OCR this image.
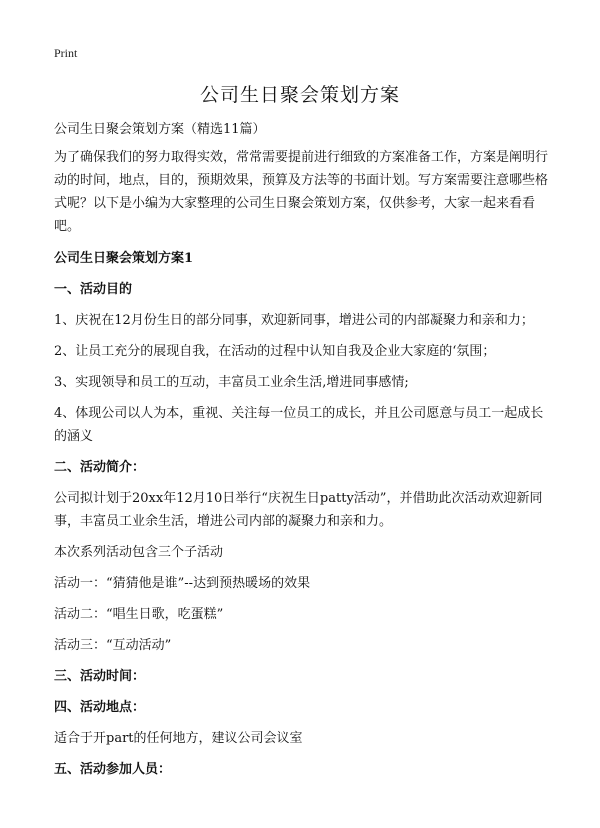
Print
公司生日聚会策划方案

公司生日聚会策划方案（精选11篇）

为了确保我们的努力取得实效，常常需要提前进行细致的方案准备工作，方案是阐明行动的时间，地点，目的，预期效果，预算及方法等的书面计划。写方案需要注意哪些格式呢？以下是小编为大家整理的公司生日聚会策划方案，仅供参考，大家一起来看看吧。

公司生日聚会策划方案1

一、活动目的

1、庆祝在12月份生日的部分同事，欢迎新同事，增进公司的内部凝聚力和亲和力；

2、让员工充分的展现自我，在活动的过程中认知自我及企业大家庭的‘氛围；

3、实现领导和员工的互动，丰富员工业余生活,增进同事感情;

4、体现公司以人为本，重视、关注每一位员工的成长，并且公司愿意与员工一起成长的涵义

二、活动简介：

公司拟计划于20xx年12月10日举行“庆祝生日patty活动”，并借助此次活动欢迎新同事，丰富员工业余生活，增进公司内部的凝聚力和亲和力。

本次系列活动包含三个子活动

活动一：“猜猜他是谁”--达到预热暖场的效果

活动二：“唱生日歌，吃蛋糕”

活动三：“互动活动”

三、活动时间：

四、活动地点：

适合于开part的任何地方，建议公司会议室

五、活动参加人员：
